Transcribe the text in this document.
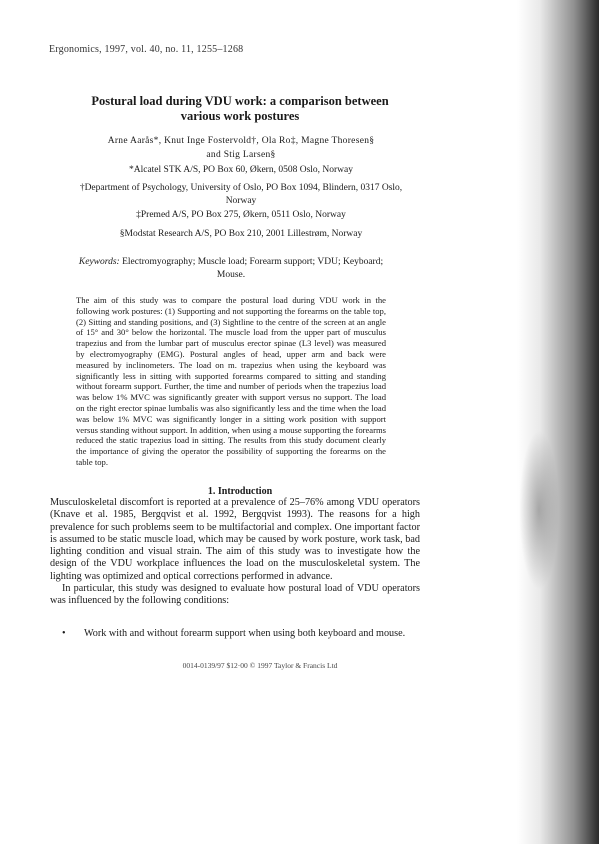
Ergonomics, 1997, vol. 40, no. 11, 1255–1268
Postural load during VDU work: a comparison between
various work postures
Arne Aarås*, Knut Inge Fostervold†, Ola Ro‡, Magne Thoresen§
and Stig Larsen§
*Alcatel STK A/S, PO Box 60, Økern, 0508 Oslo, Norway
†Department of Psychology, University of Oslo, PO Box 1094, Blindern, 0317 Oslo, Norway
‡Premed A/S, PO Box 275, Økern, 0511 Oslo, Norway
§Modstat Research A/S, PO Box 210, 2001 Lillestrøm, Norway
Keywords: Electromyography; Muscle load; Forearm support; VDU; Keyboard; Mouse.
The aim of this study was to compare the postural load during VDU work in the following work postures: (1) Supporting and not supporting the forearms on the table top, (2) Sitting and standing positions, and (3) Sightline to the centre of the screen at an angle of 15° and 30° below the horizontal. The muscle load from the upper part of musculus trapezius and from the lumbar part of musculus erector spinae (L3 level) was measured by electromyography (EMG). Postural angles of head, upper arm and back were measured by inclinometers. The load on m. trapezius when using the keyboard was significantly less in sitting with supported forearms compared to sitting and standing without forearm support. Further, the time and number of periods when the trapezius load was below 1% MVC was significantly greater with support versus no support. The load on the right erector spinae lumbalis was also significantly less and the time when the load was below 1% MVC was significantly longer in a sitting work position with support versus standing without support. In addition, when using a mouse supporting the forearms reduced the static trapezius load in sitting. The results from this study document clearly the importance of giving the operator the possibility of supporting the forearms on the table top.
1. Introduction

Musculoskeletal discomfort is reported at a prevalence of 25–76% among VDU operators (Knave et al. 1985, Bergqvist et al. 1992, Bergqvist 1993). The reasons for a high prevalence for such problems seem to be multifactorial and complex. One important factor is assumed to be static muscle load, which may be caused by work posture, work task, bad lighting condition and visual strain. The aim of this study was to investigate how the design of the VDU workplace influences the load on the musculoskeletal system. The lighting was optimized and optical corrections performed in advance.

In particular, this study was designed to evaluate how postural load of VDU operators was influenced by the following conditions:

• Work with and without forearm support when using both keyboard and mouse.
0014-0139/97 $12·00 © 1997 Taylor & Francis Ltd
